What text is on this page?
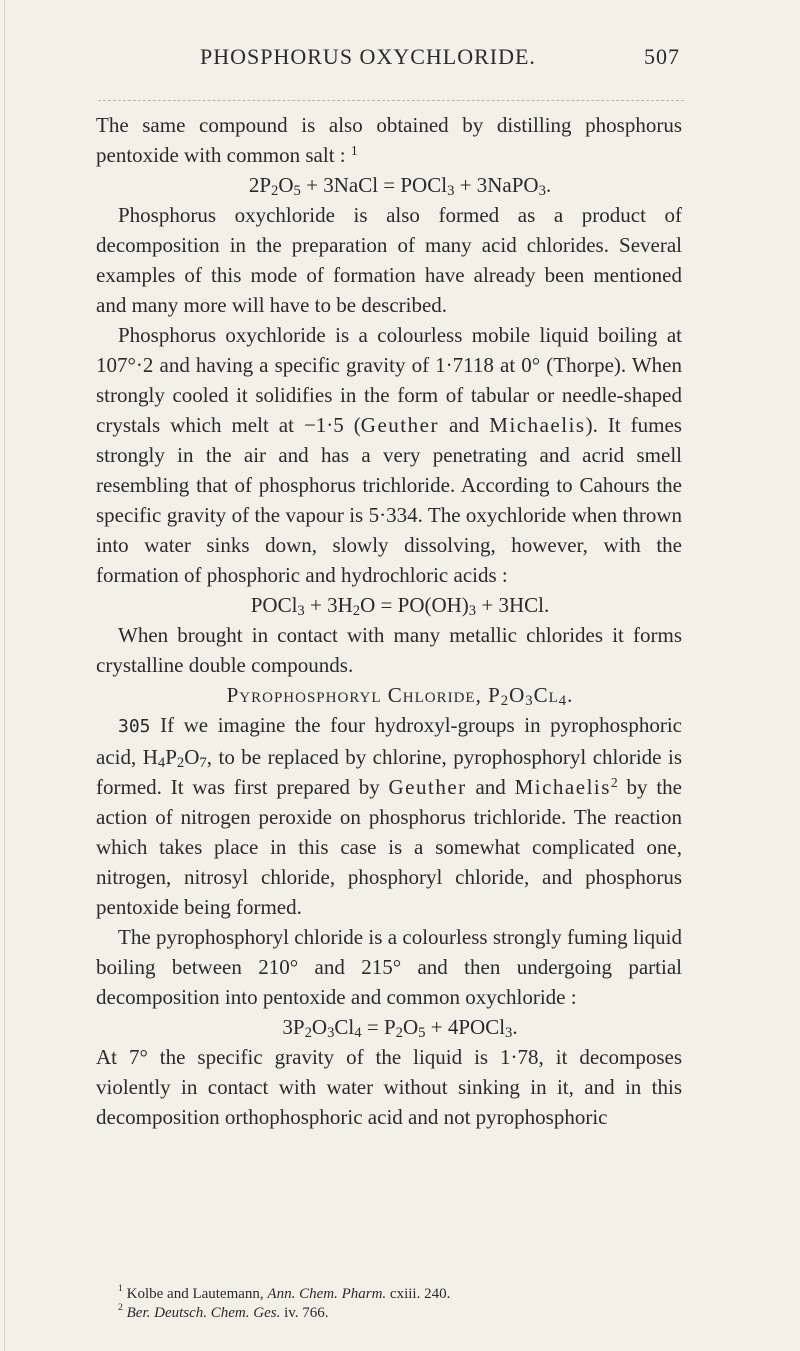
PHOSPHORUS OXYCHLORIDE.	507

The same compound is also obtained by distilling phosphorus pentoxide with common salt : $^1$

$2P_2O_5$ + 3NaCl = POCl$_3$ + 3NaPO$_3$.

Phosphorus oxychloride is also formed as a product of decomposition in the preparation of many acid chlorides. Several examples of this mode of formation have already been mentioned and many more will have to be described.

Phosphorus oxychloride is a colourless mobile liquid boiling at 107°·2 and having a specific gravity of 1·7118 at 0° (Thorpe). When strongly cooled it solidifies in the form of tabular or needle-shaped crystals which melt at −1·5 (Geuther and Michaelis). It fumes strongly in the air and has a very penetrating and acrid smell resembling that of phosphorus trichloride. According to Cahours the specific gravity of the vapour is 5·334. The oxychloride when thrown into water sinks down, slowly dissolving, however, with the formation of phosphoric and hydrochloric acids :

POCl$_3$ + $3H_2O = PO(OH)_3 + 3HCl$.

When brought in contact with many metallic chlorides it forms crystalline double compounds.

Pyrophosphoryl Chloride, $P_2O_3Cl_4$.

305 If we imagine the four hydroxyl-groups in pyrophosphoric acid, $H_4P_2O_7$, to be replaced by chlorine, pyrophosphoryl chloride is formed. It was first prepared by Geuther and Michaelis$^2$ by the action of nitrogen peroxide on phosphorus trichloride. The reaction which takes place in this case is a somewhat complicated one, nitrogen, nitrosyl chloride, phosphoryl chloride, and phosphorus pentoxide being formed.

The pyrophosphoryl chloride is a colourless strongly fuming liquid boiling between 210° and 215° and then undergoing partial decomposition into pentoxide and common oxychloride :

$3P_2O_3Cl_4 = P_2O_5$ + 4POCl$_3$.

At 7° the specific gravity of the liquid is 1·78, it decomposes violently in contact with water without sinking in it, and in this decomposition orthophosphoric acid and not pyrophosphoric

$^1$ Kolbe and Lautemann, Ann. Chem. Pharm. cxiii. 240.
$^2$ Ber. Deutsch. Chem. Ges. iv. 766.
